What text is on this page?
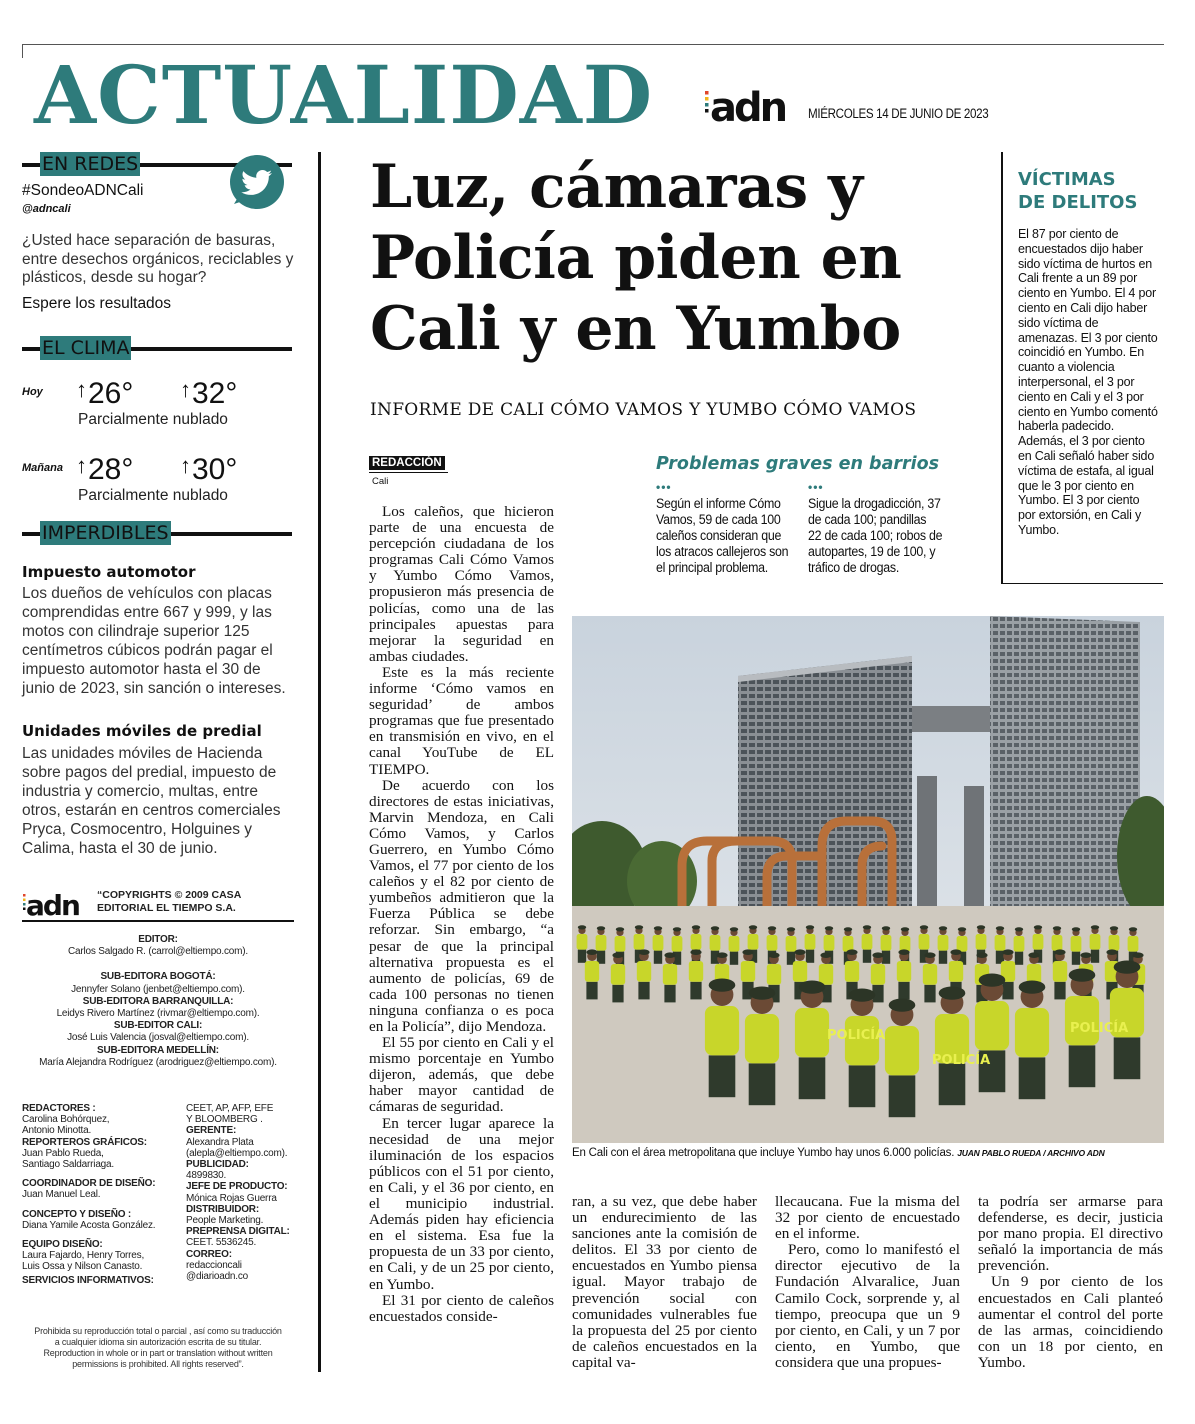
ACTUALIDAD adn MIÉRCOLES 14 DE JUNIO DE 2023
EN REDES
#SondeoADNCali
@adncali
¿Usted hace separación de basuras, entre desechos orgánicos, reciclables y plásticos, desde su hogar?
Espere los resultados
EL CLIMA
Hoy ↑26° ↑32°
Parcialmente nublado
Mañana ↑28° ↑30°
Parcialmente nublado
IMPERDIBLES
Impuesto automotor
Los dueños de vehículos con placas comprendidas entre 667 y 999, y las motos con cilindraje superior 125 centímetros cúbicos podrán pagar el impuesto automotor hasta el 30 de junio de 2023, sin sanción o intereses.
Unidades móviles de predial
Las unidades móviles de Hacienda sobre pagos del predial, impuesto de industria y comercio, multas, entre otros, estarán en centros comerciales Pryca, Cosmocentro, Holguines y Calima, hasta el 30 de junio.
adn “COPYRIGHTS © 2009 CASA
EDITORIAL EL TIEMPO S.A.
EDITOR:
Carlos Salgado R. (carrol@eltiempo.com).
SUB-EDITORA BOGOTÁ:
Jennyfer Solano (jenbet@eltiempo.com).
SUB-EDITORA BARRANQUILLA:
Leidys Rivero Martínez (rivmar@eltiempo.com).
SUB-EDITOR CALI:
José Luis Valencia (josval@eltiempo.com).
SUB-EDITORA MEDELLÍN:
María Alejandra Rodríguez (arodriguez@eltiempo.com).
REDACTORES :
Carolina Bohórquez,
Antonio Minotta.
REPORTEROS GRÁFICOS:
Juan Pablo Rueda,
Santiago Saldarriaga.
COORDINADOR DE DISEÑO:
Juan Manuel Leal.
CONCEPTO Y DISEÑO :
Diana Yamile Acosta González.
EQUIPO DISEÑO:
Laura Fajardo, Henry Torres,
Luis Ossa y Nilson Canasto.
SERVICIOS INFORMATIVOS:
CEET, AP, AFP, EFE
Y BLOOMBERG .
GERENTE:
Alexandra Plata
(alepla@eltiempo.com).
PUBLICIDAD:
4899830.
JEFE DE PRODUCTO:
Mónica Rojas Guerra
DISTRIBUIDOR:
People Marketing.
PREPRENSA DIGITAL:
CEET. 5536245.
CORREO:
redaccioncali
@diarioadn.co
Prohibida su reproducción total o parcial , así como su traducción
a cualquier idioma sin autorización escrita de su titular.
Reproduction in whole or in part or translation without written
permissions is prohibited. All rights reserved”.
Luz, cámaras y
Policía piden en
Cali y en Yumbo
INFORME DE CALI CÓMO VAMOS Y YUMBO CÓMO VAMOS
REDACCIÓN
Cali

Los caleños, que hicieron parte de una encuesta de percepción ciudadana de los programas Cali Cómo Vamos y Yumbo Cómo Vamos, propusieron más presencia de policías, como una de las principales apuestas para mejorar la seguridad en ambas ciudades.

Este es la más reciente informe ‘Cómo vamos en seguridad’ de ambos programas que fue presentado en transmisión en vivo, en el canal YouTube de EL TIEMPO.

De acuerdo con los directores de estas iniciativas, Marvin Mendoza, en Cali Cómo Vamos, y Carlos Guerrero, en Yumbo Cómo Vamos, el 77 por ciento de los caleños y el 82 por ciento de yumbeños admitieron que la Fuerza Pública se debe reforzar. Sin embargo, “a pesar de que la principal alternativa propuesta es el aumento de policías, 69 de cada 100 personas no tienen ninguna confianza o es poca en la Policía”, dijo Mendoza.

El 55 por ciento en Cali y el mismo porcentaje en Yumbo dijeron, además, que debe haber mayor cantidad de cámaras de seguridad.

En tercer lugar aparece la necesidad de una mejor iluminación de los espacios públicos con el 51 por ciento, en Cali, y el 36 por ciento, en el municipio industrial. Además piden hay eficiencia en el sistema. Esa fue la propuesta de un 33 por ciento, en Cali, y de un 25 por ciento, en Yumbo.

El 31 por ciento de caleños encuestados conside-

ran, a su vez, que debe haber un endurecimiento de las sanciones ante la comisión de delitos. El 33 por ciento de encuestados en Yumbo piensa igual. Mayor trabajo de prevención social con comunidades vulnerables fue la propuesta del 25 por ciento de caleños encuestados en la capital va-
llecaucana. Fue la misma del 32 por ciento de encuestado en el informe.

Pero, como lo manifestó el director ejecutivo de la Fundación Alvaralice, Juan Camilo Cock, sorprende y, al tiempo, preocupa que un 9 por ciento, en Cali, y un 7 por ciento, en Yumbo, que considera que una propues-

ta podría ser armarse para defenderse, es decir, justicia por mano propia. El directivo señaló la importancia de más prevención.

Un 9 por ciento de los encuestados en Cali planteó aumentar el control del porte de las armas, coincidiendo con un 18 por ciento, en Yumbo.

Problemas graves en barrios
•••	•••
Según el informe Cómo Vamos, 59 de cada 100 caleños consideran que los atracos callejeros son el principal problema.
Sigue la drogadicción, 37 de cada 100; pandillas 22 de cada 100; robos de autopartes, 19 de 100, y tráfico de drogas.
VÍCTIMAS
DE DELITOS
El 87 por ciento de encuestados dijo haber sido víctima de hurtos en Cali frente a un 89 por ciento en Yumbo. El 4 por ciento en Cali dijo haber sido víctima de amenazas. El 3 por ciento coincidió en Yumbo. En cuanto a violencia interpersonal, el 3 por ciento en Cali y el 3 por ciento en Yumbo comentó haberla padecido. Además, el 3 por ciento en Cali señaló haber sido víctima de estafa, al igual que le 3 por ciento en Yumbo. El 3 por ciento por extorsión, en Cali y Yumbo.
POLICÍA
POLICÍA
POLICÍA
En Cali con el área metropolitana que incluye Yumbo hay unos 6.000 policías. JUAN PABLO RUEDA / ARCHIVO ADN
